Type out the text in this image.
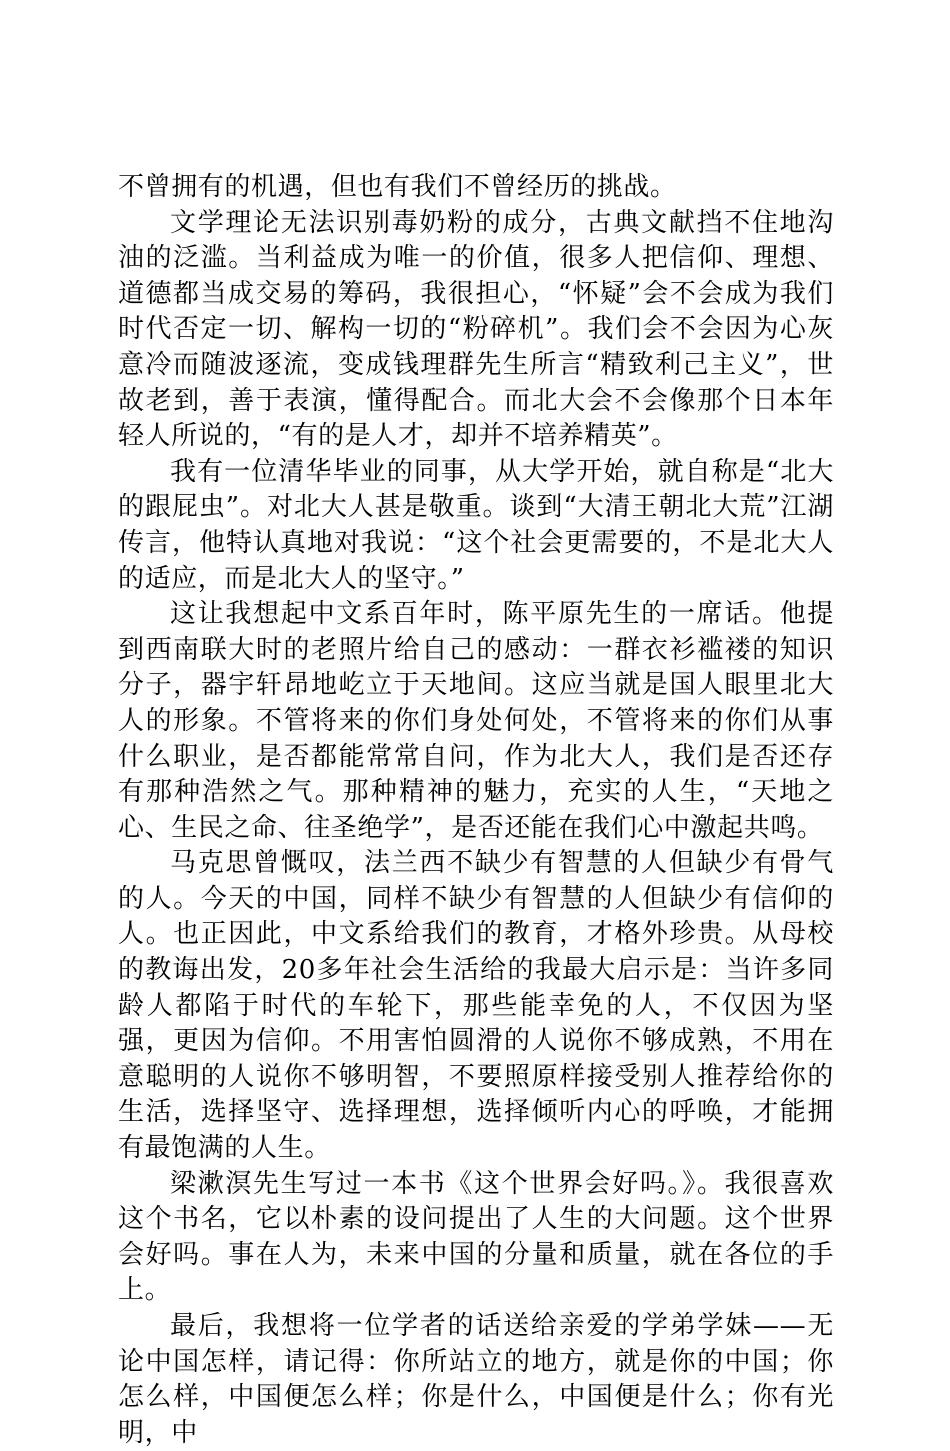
不曾拥有的机遇，但也有我们不曾经历的挑战。

文学理论无法识别毒奶粉的成分，古典文献挡不住地沟油的泛滥。当利益成为唯一的价值，很多人把信仰、理想、道德都当成交易的筹码，我很担心，“怀疑”会不会成为我们时代否定一切、解构一切的“粉碎机”。我们会不会因为心灰意冷而随波逐流，变成钱理群先生所言“精致利己主义”，世故老到，善于表演，懂得配合。而北大会不会像那个日本年轻人所说的，“有的是人才，却并不培养精英”。

我有一位清华毕业的同事，从大学开始，就自称是“北大的跟屁虫”。对北大人甚是敬重。谈到“大清王朝北大荒”江湖传言，他特认真地对我说：“这个社会更需要的，不是北大人的适应，而是北大人的坚守。”

这让我想起中文系百年时，陈平原先生的一席话。他提到西南联大时的老照片给自己的感动：一群衣衫褴褛的知识分子，器宇轩昂地屹立于天地间。这应当就是国人眼里北大人的形象。不管将来的你们身处何处，不管将来的你们从事什么职业，是否都能常常自问，作为北大人，我们是否还存有那种浩然之气。那种精神的魅力，充实的人生，“天地之心、生民之命、往圣绝学”，是否还能在我们心中激起共鸣。

马克思曾慨叹，法兰西不缺少有智慧的人但缺少有骨气的人。今天的中国，同样不缺少有智慧的人但缺少有信仰的人。也正因此，中文系给我们的教育，才格外珍贵。从母校的教诲出发，20多年社会生活给的我最大启示是：当许多同龄人都陷于时代的车轮下，那些能幸免的人，不仅因为坚强，更因为信仰。不用害怕圆滑的人说你不够成熟，不用在意聪明的人说你不够明智，不要照原样接受别人推荐给你的生活，选择坚守、选择理想，选择倾听内心的呼唤，才能拥有最饱满的人生。

梁漱溟先生写过一本书《这个世界会好吗。》。我很喜欢这个书名，它以朴素的设问提出了人生的大问题。这个世界会好吗。事在人为，未来中国的分量和质量，就在各位的手上。

最后，我想将一位学者的话送给亲爱的学弟学妹——无论中国怎样，请记得：你所站立的地方，就是你的中国；你怎么样，中国便怎么样；你是什么，中国便是什么；你有光明，中
